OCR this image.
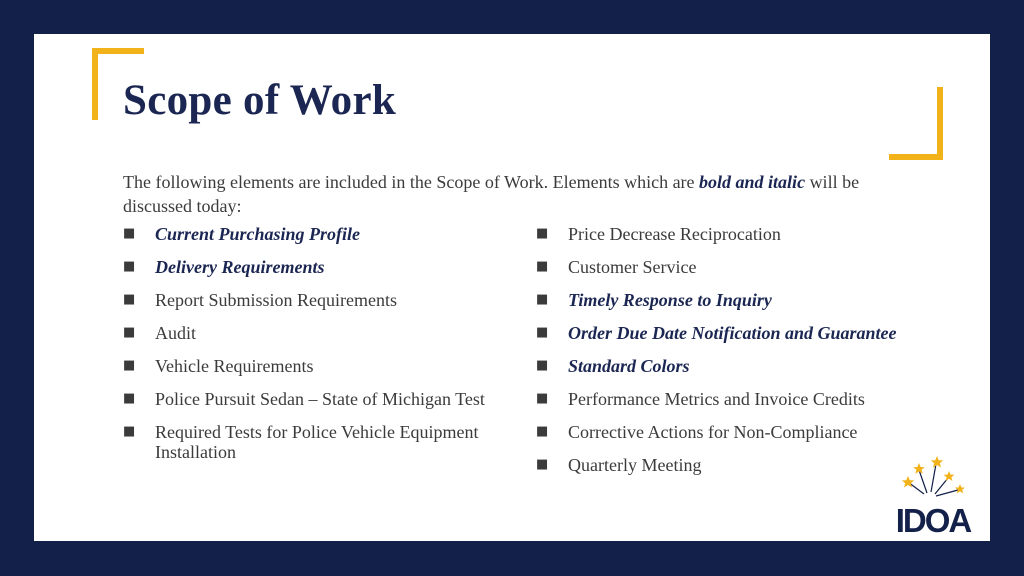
Scope of Work
The following elements are included in the Scope of Work. Elements which are bold and italic will be discussed today:
■ Current Purchasing Profile
■ Delivery Requirements
■ Report Submission Requirements
■ Audit
■ Vehicle Requirements
■ Police Pursuit Sedan – State of Michigan Test
■ Required Tests for Police Vehicle Equipment Installation
■ Price Decrease Reciprocation
■ Customer Service
■ Timely Response to Inquiry
■ Order Due Date Notification and Guarantee
■ Standard Colors
■ Performance Metrics and Invoice Credits
■ Corrective Actions for Non-Compliance
■ Quarterly Meeting
IDOA
